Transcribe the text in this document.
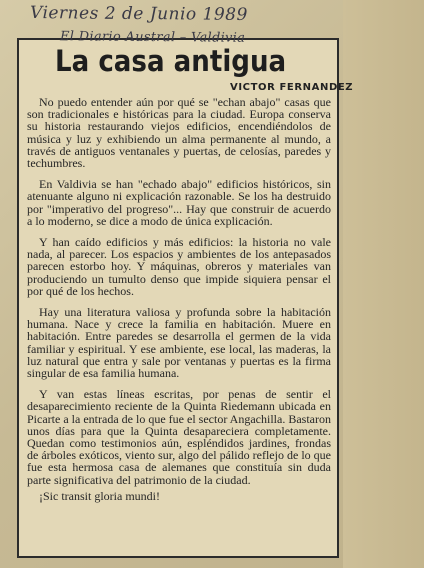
Viernes 2 de Junio 1989
El Diario Austral – Valdivia
La casa antigua
VICTOR FERNANDEZ

No puedo entender aún por qué se "echan abajo" casas que son tradicionales e históricas para la ciudad. Europa conserva su historia restaurando viejos edificios, encendiéndolos de música y luz y exhibiendo un alma permanente al mundo, a través de antiguos ventanales y puertas, de celosías, paredes y techumbres.

En Valdivia se han "echado abajo" edificios históricos, sin atenuante alguno ni explicación razonable. Se los ha destruido por "imperativo del progreso"... Hay que construir de acuerdo a lo moderno, se dice a modo de única explicación.

Y han caído edificios y más edificios: la historia no vale nada, al parecer. Los espacios y ambientes de los antepasados parecen estorbo hoy. Y máquinas, obreros y materiales van produciendo un tumulto denso que impide siquiera pensar el por qué de los hechos.

Hay una literatura valiosa y profunda sobre la habitación humana. Nace y crece la familia en habitación. Muere en habitación. Entre paredes se desarrolla el germen de la vida familiar y espiritual. Y ese ambiente, ese local, las maderas, la luz natural que entra y sale por ventanas y puertas es la firma singular de esa familia humana.

Y van estas líneas escritas, por penas de sentir el desaparecimiento reciente de la Quinta Riedemann ubicada en Picarte a la entrada de lo que fue el sector Angachilla. Bastaron unos días para que la Quinta desapareciera completamente. Quedan como testimonios aún, espléndidos jardines, frondas de árboles exóticos, viento sur, algo del pálido reflejo de lo que fue esta hermosa casa de alemanes que constituía sin duda parte significativa del patrimonio de la ciudad.

¡Sic transit gloria mundi!
